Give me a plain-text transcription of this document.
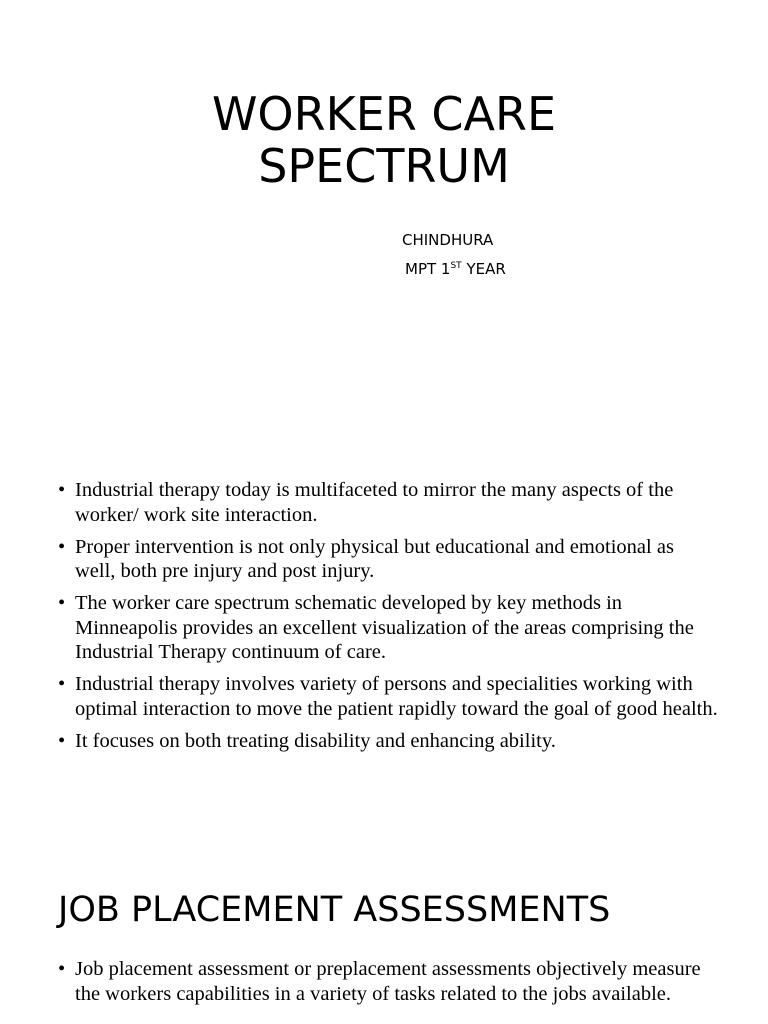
WORKER CARE
SPECTRUM
CHINDHURA
MPT 1ST YEAR
• Industrial therapy today is multifaceted to mirror the many aspects of the worker/ work site interaction.
• Proper intervention is not only physical but educational and emotional as well, both pre injury and post injury.
• The worker care spectrum schematic developed by key methods in Minneapolis provides an excellent visualization of the areas comprising the Industrial Therapy continuum of care.
• Industrial therapy involves variety of persons and specialities working with optimal interaction to move the patient rapidly toward the goal of good health.
• It focuses on both treating disability and enhancing ability.
JOB PLACEMENT ASSESSMENTS
• Job placement assessment or preplacement assessments objectively measure the workers capabilities in a variety of tasks related to the jobs available.
